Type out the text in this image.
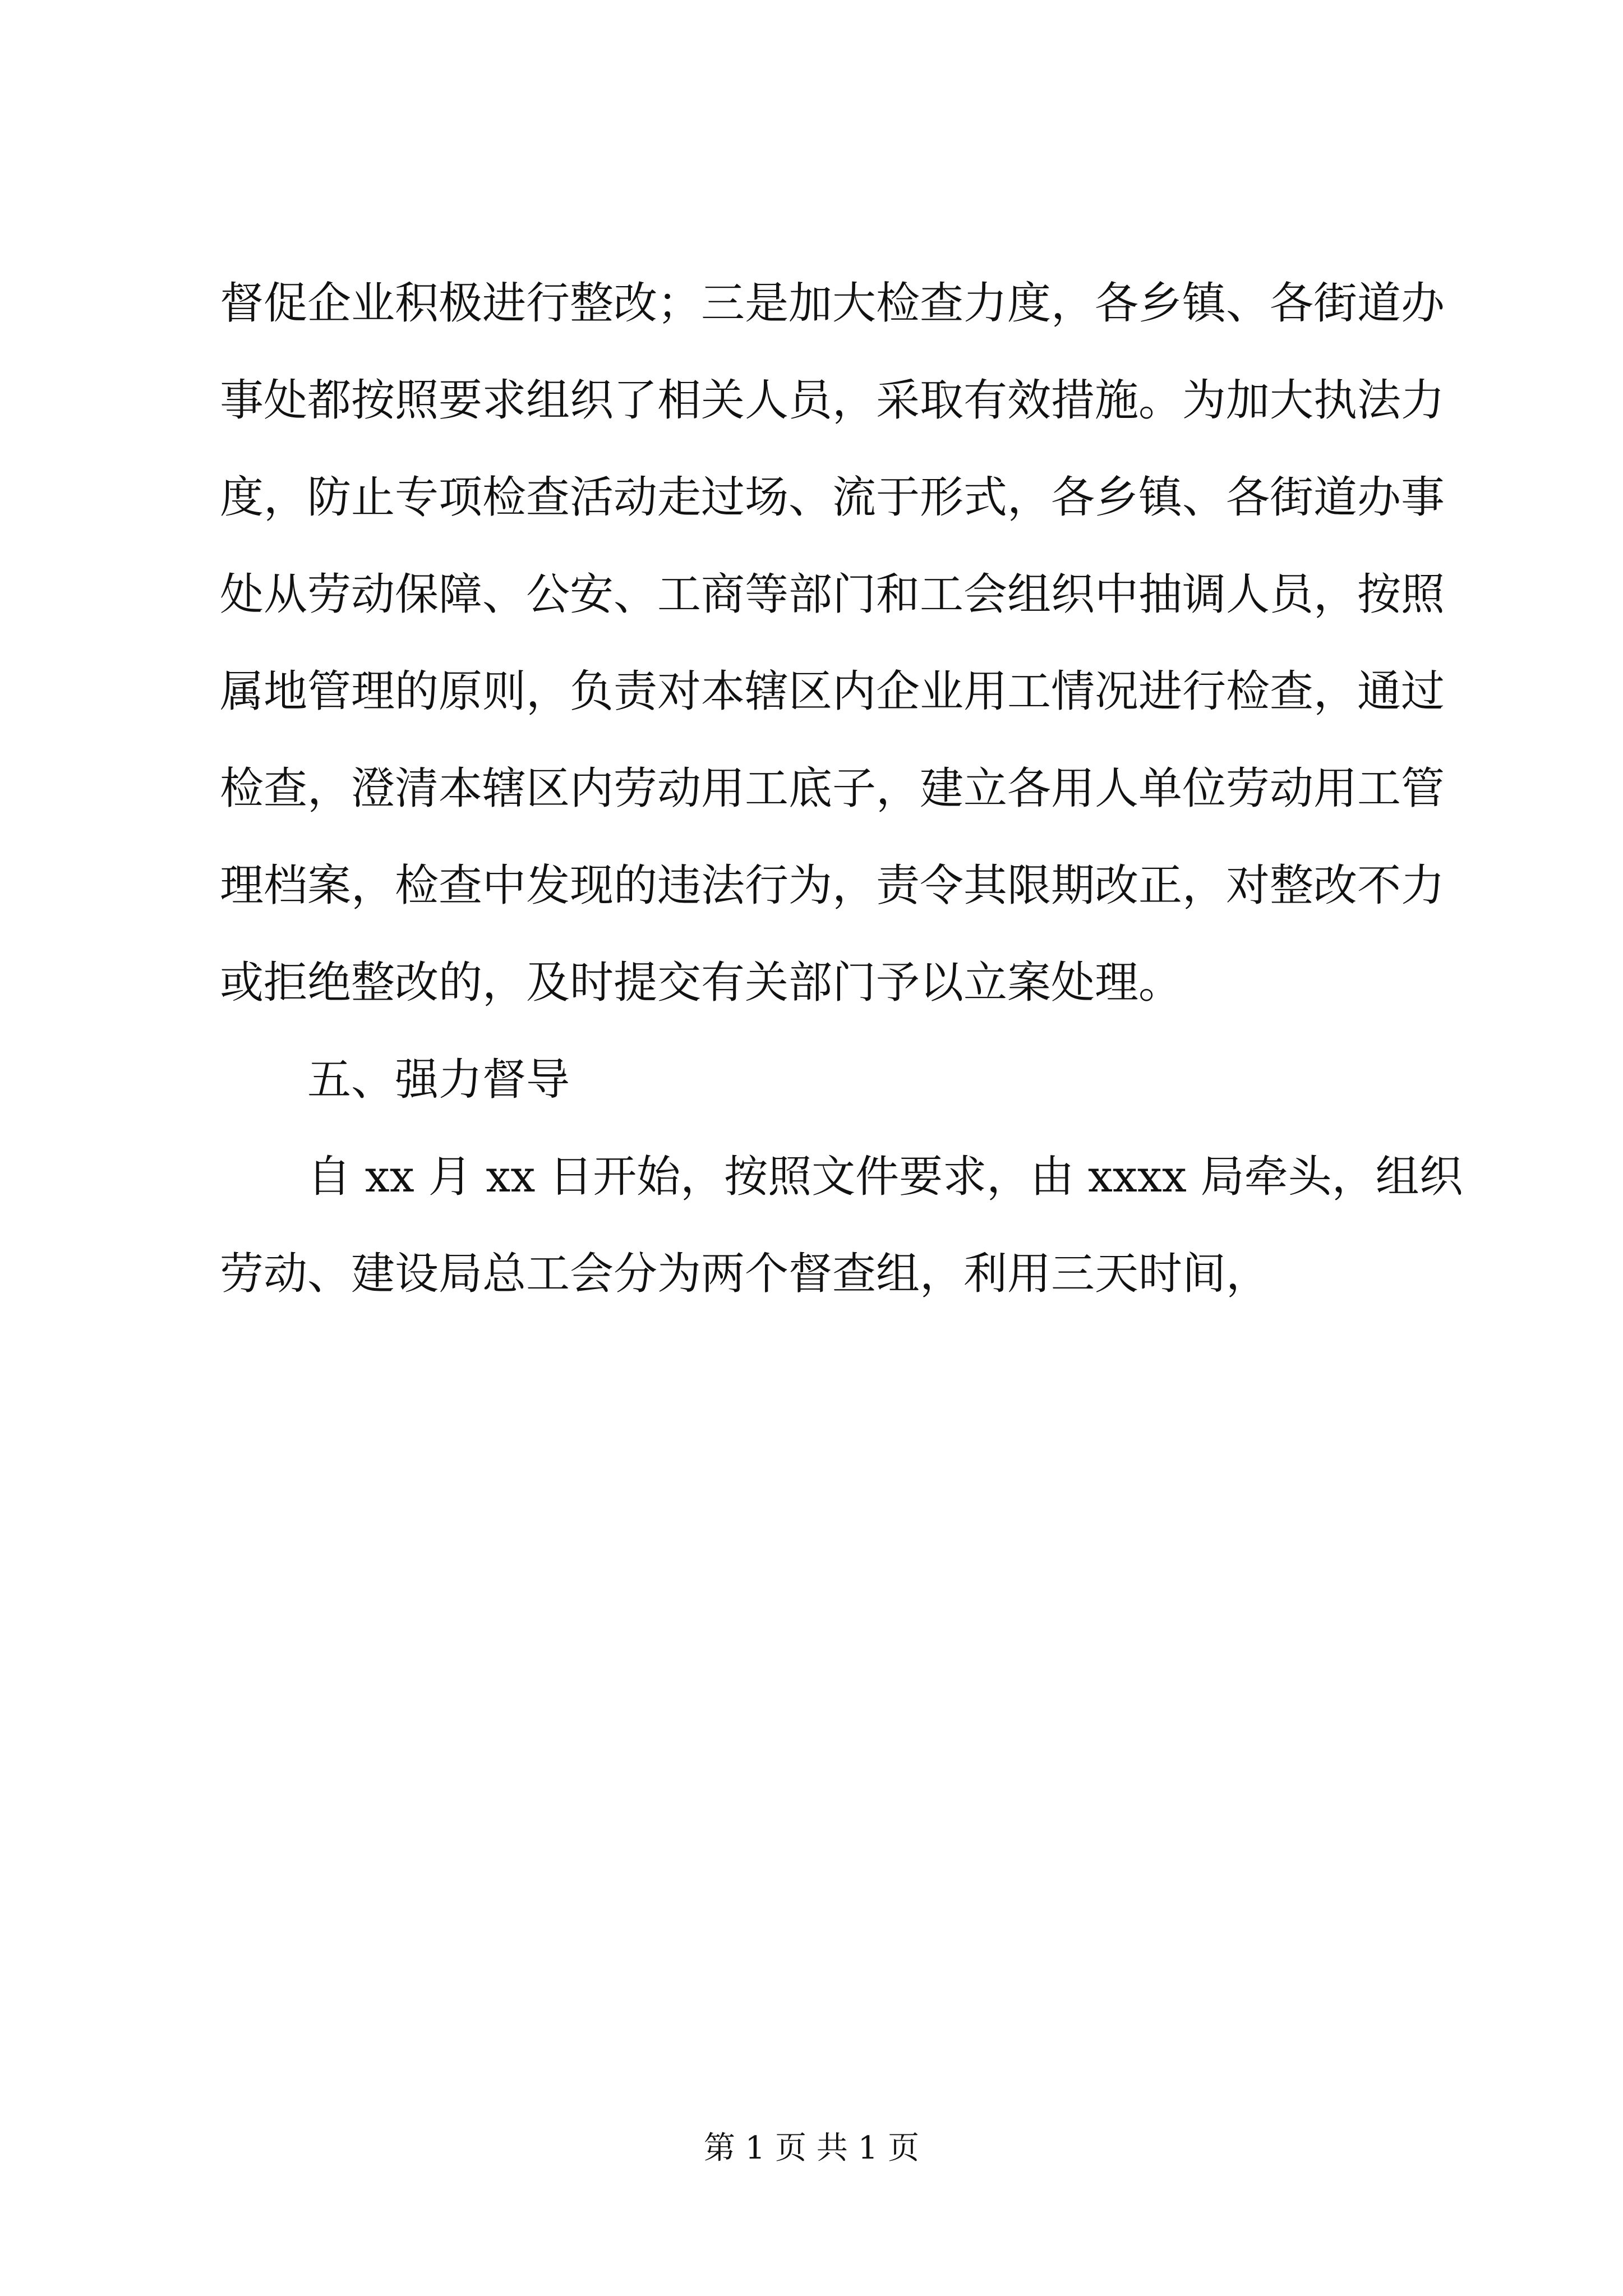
督促企业积极进行整改；三是加大检查力度，各乡镇、各街道办
事处都按照要求组织了相关人员，采取有效措施。为加大执法力
度，防止专项检查活动走过场、流于形式，各乡镇、各街道办事
处从劳动保障、公安、工商等部门和工会组织中抽调人员，按照
属地管理的原则，负责对本辖区内企业用工情况进行检查，通过
检查，澄清本辖区内劳动用工底子，建立各用人单位劳动用工管
理档案，检查中发现的违法行为，责令其限期改正，对整改不力
或拒绝整改的，及时提交有关部门予以立案处理。
五、强力督导
自 xx 月 xx 日开始，按照文件要求，由 xxxx 局牵头，组织
劳动、建设局总工会分为两个督查组，利用三天时间，
第 1 页 共 1 页
